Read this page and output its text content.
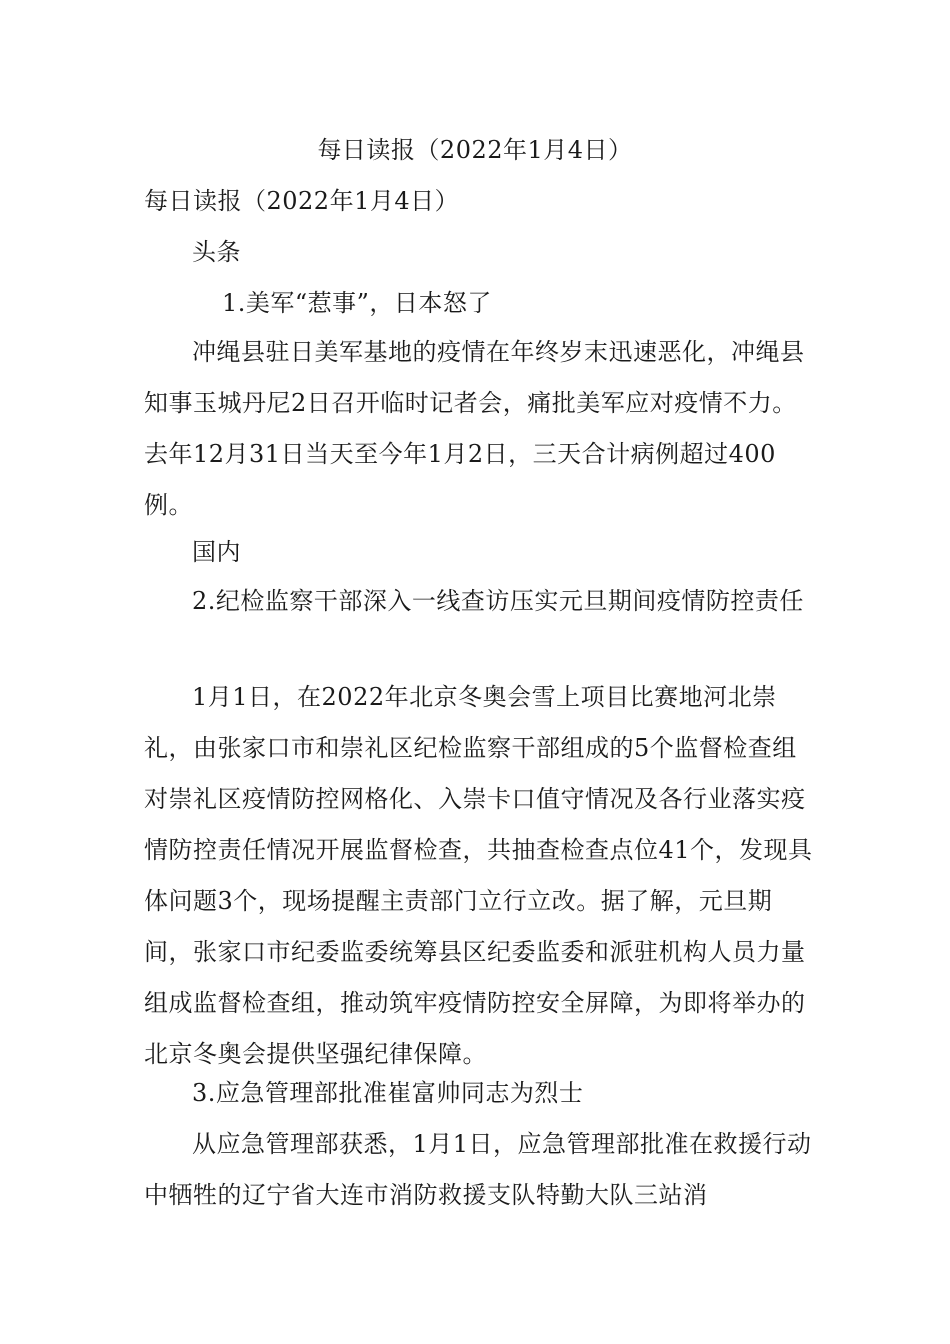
每日读报（2022年1月4日）
每日读报（2022年1月4日）
头条
1.美军“惹事”，日本怒了

冲绳县驻日美军基地的疫情在年终岁末迅速恶化，冲绳县知事玉城丹尼2日召开临时记者会，痛批美军应对疫情不力。去年12月31日当天至今年1月2日，三天合计病例超过400例。

国内

2.纪检监察干部深入一线查访压实元旦期间疫情防控责任

1月1日，在2022年北京冬奥会雪上项目比赛地河北崇礼，由张家口市和崇礼区纪检监察干部组成的5个监督检查组对崇礼区疫情防控网格化、入崇卡口值守情况及各行业落实疫情防控责任情况开展监督检查，共抽查检查点位41个，发现具体问题3个，现场提醒主责部门立行立改。据了解，元旦期间，张家口市纪委监委统筹县区纪委监委和派驻机构人员力量组成监督检查组，推动筑牢疫情防控安全屏障，为即将举办的北京冬奥会提供坚强纪律保障。

3.应急管理部批准崔富帅同志为烈士

从应急管理部获悉，1月1日，应急管理部批准在救援行动中牺牲的辽宁省大连市消防救援支队特勤大队三站消
